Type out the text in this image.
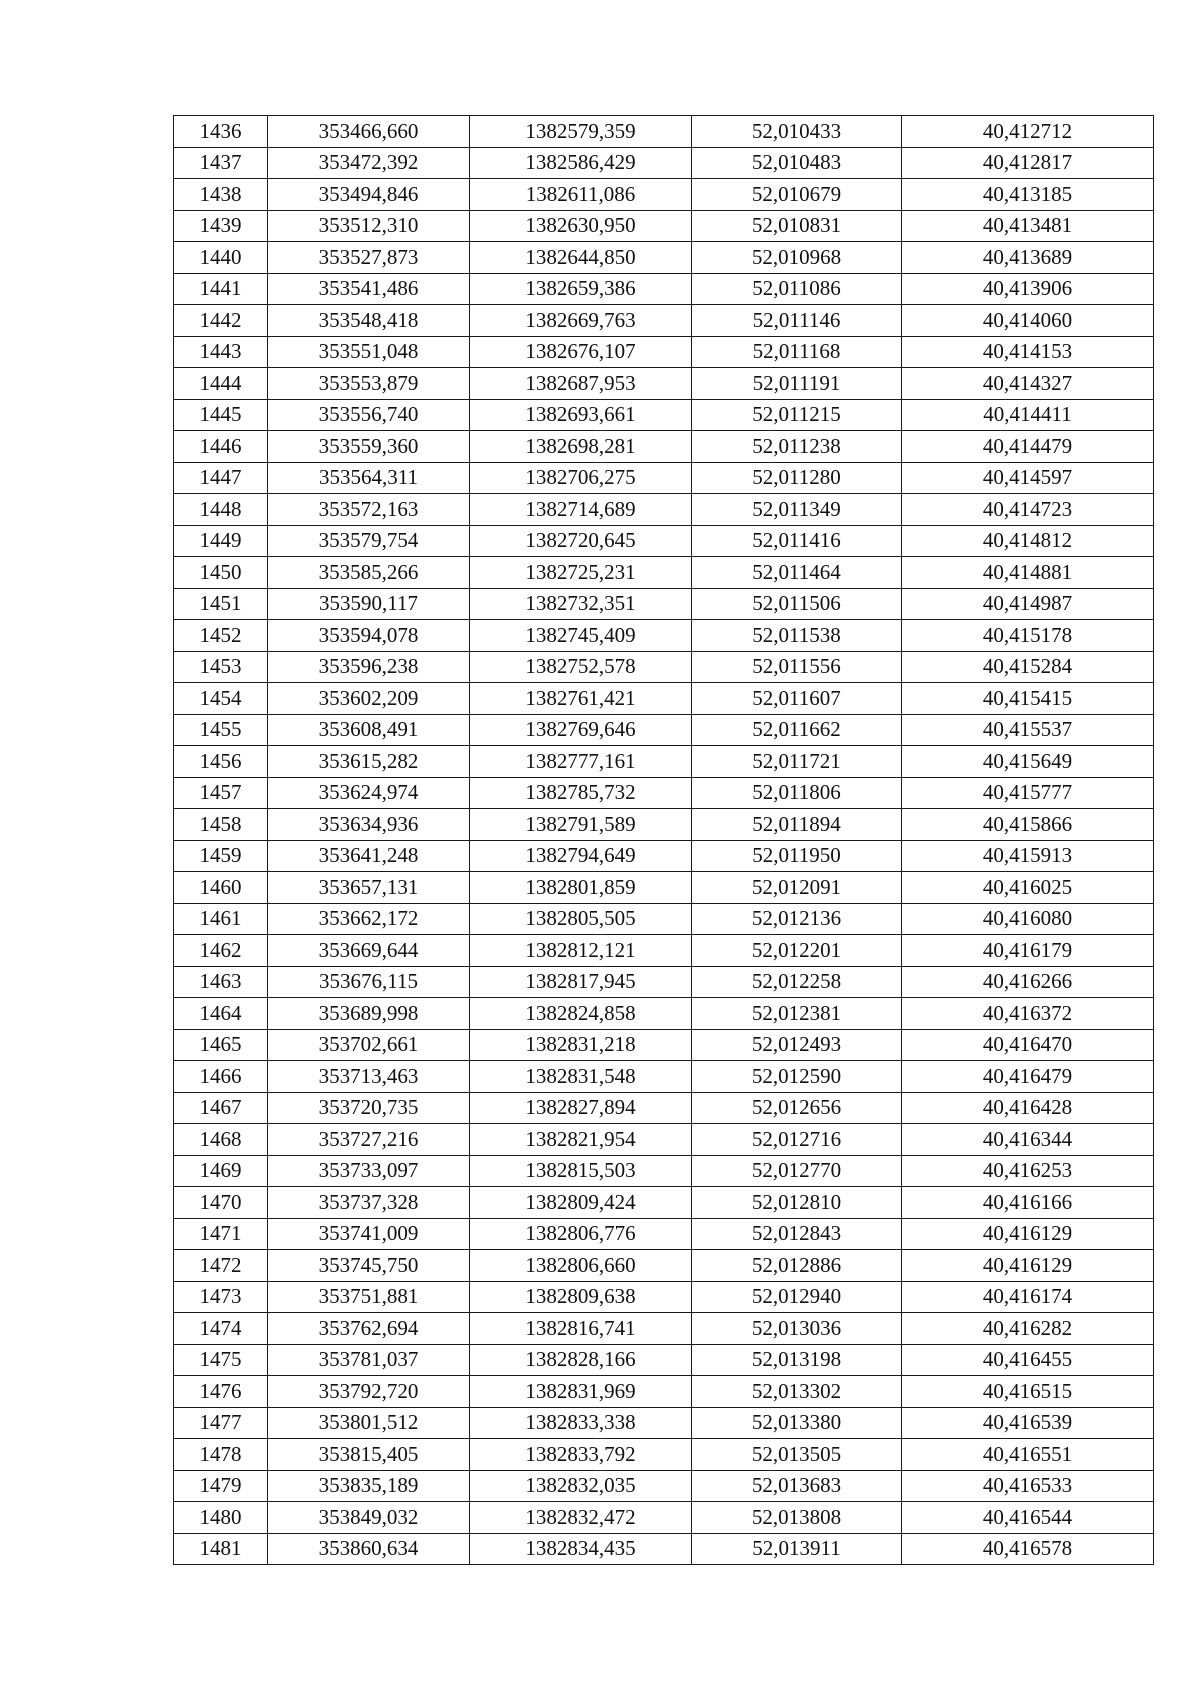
1436	353466,660	1382579,359	52,010433	40,412712
1437	353472,392	1382586,429	52,010483	40,412817
1438	353494,846	1382611,086	52,010679	40,413185
1439	353512,310	1382630,950	52,010831	40,413481
1440	353527,873	1382644,850	52,010968	40,413689
1441	353541,486	1382659,386	52,011086	40,413906
1442	353548,418	1382669,763	52,011146	40,414060
1443	353551,048	1382676,107	52,011168	40,414153
1444	353553,879	1382687,953	52,011191	40,414327
1445	353556,740	1382693,661	52,011215	40,414411
1446	353559,360	1382698,281	52,011238	40,414479
1447	353564,311	1382706,275	52,011280	40,414597
1448	353572,163	1382714,689	52,011349	40,414723
1449	353579,754	1382720,645	52,011416	40,414812
1450	353585,266	1382725,231	52,011464	40,414881
1451	353590,117	1382732,351	52,011506	40,414987
1452	353594,078	1382745,409	52,011538	40,415178
1453	353596,238	1382752,578	52,011556	40,415284
1454	353602,209	1382761,421	52,011607	40,415415
1455	353608,491	1382769,646	52,011662	40,415537
1456	353615,282	1382777,161	52,011721	40,415649
1457	353624,974	1382785,732	52,011806	40,415777
1458	353634,936	1382791,589	52,011894	40,415866
1459	353641,248	1382794,649	52,011950	40,415913
1460	353657,131	1382801,859	52,012091	40,416025
1461	353662,172	1382805,505	52,012136	40,416080
1462	353669,644	1382812,121	52,012201	40,416179
1463	353676,115	1382817,945	52,012258	40,416266
1464	353689,998	1382824,858	52,012381	40,416372
1465	353702,661	1382831,218	52,012493	40,416470
1466	353713,463	1382831,548	52,012590	40,416479
1467	353720,735	1382827,894	52,012656	40,416428
1468	353727,216	1382821,954	52,012716	40,416344
1469	353733,097	1382815,503	52,012770	40,416253
1470	353737,328	1382809,424	52,012810	40,416166
1471	353741,009	1382806,776	52,012843	40,416129
1472	353745,750	1382806,660	52,012886	40,416129
1473	353751,881	1382809,638	52,012940	40,416174
1474	353762,694	1382816,741	52,013036	40,416282
1475	353781,037	1382828,166	52,013198	40,416455
1476	353792,720	1382831,969	52,013302	40,416515
1477	353801,512	1382833,338	52,013380	40,416539
1478	353815,405	1382833,792	52,013505	40,416551
1479	353835,189	1382832,035	52,013683	40,416533
1480	353849,032	1382832,472	52,013808	40,416544
1481	353860,634	1382834,435	52,013911	40,416578
